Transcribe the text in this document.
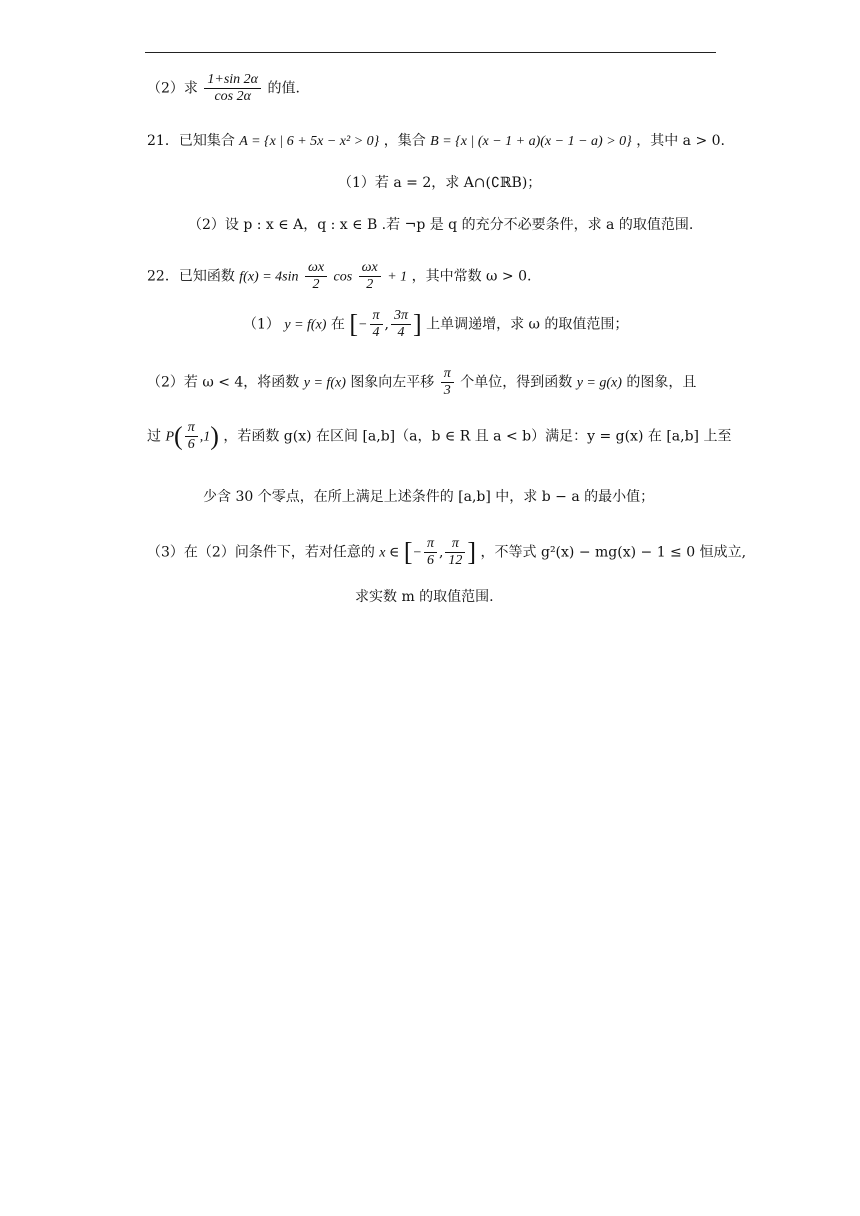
（2）求 $\frac{1+\sin 2\alpha}{\cos 2\alpha}$ 的值.
21．已知集合 A = {x | 6 + 5x − x² > 0} ，集合 B = {x | (x − 1 + a)(x − 1 − a) > 0} ，其中 a > 0.
（1）若 a = 2，求 A∩(∁ℝB)；
（2）设 p : x ∈ A，q : x ∈ B .若 ¬p 是 q 的充分不必要条件，求 a 的取值范围.
22．已知函数 $f(x) = 4\sin \frac{\omega x}{2}$ $\cos \frac{\omega x}{2} + 1$ ，其中常数 ω > 0.
（1） y = f(x) 在 [− $\frac{\pi}{4}$ , $\frac{3\pi}{4}$ ] 上单调递增，求 ω 的取值范围；
（2）若 ω < 4，将函数 y = f(x) 图象向左平移 $\frac{\pi}{3}$ 个单位，得到函数 y = g(x) 的图象，且
过 $P( \frac{\pi}{6} ,1)$ ，若函数 g(x) 在区间 [a,b]（a，b ∈ R 且 a < b）满足：y = g(x) 在 [a,b] 上至
少含 30 个零点，在所上满足上述条件的 [a,b] 中，求 b − a 的最小值；
（3）在（2）问条件下，若对任意的 x ∈ [− $\frac{\pi}{6}$ , $\frac{\pi}{12}$ ] ，不等式 g²(x) − mg(x) − 1 ≤ 0 恒成立,
求实数 m 的取值范围.
